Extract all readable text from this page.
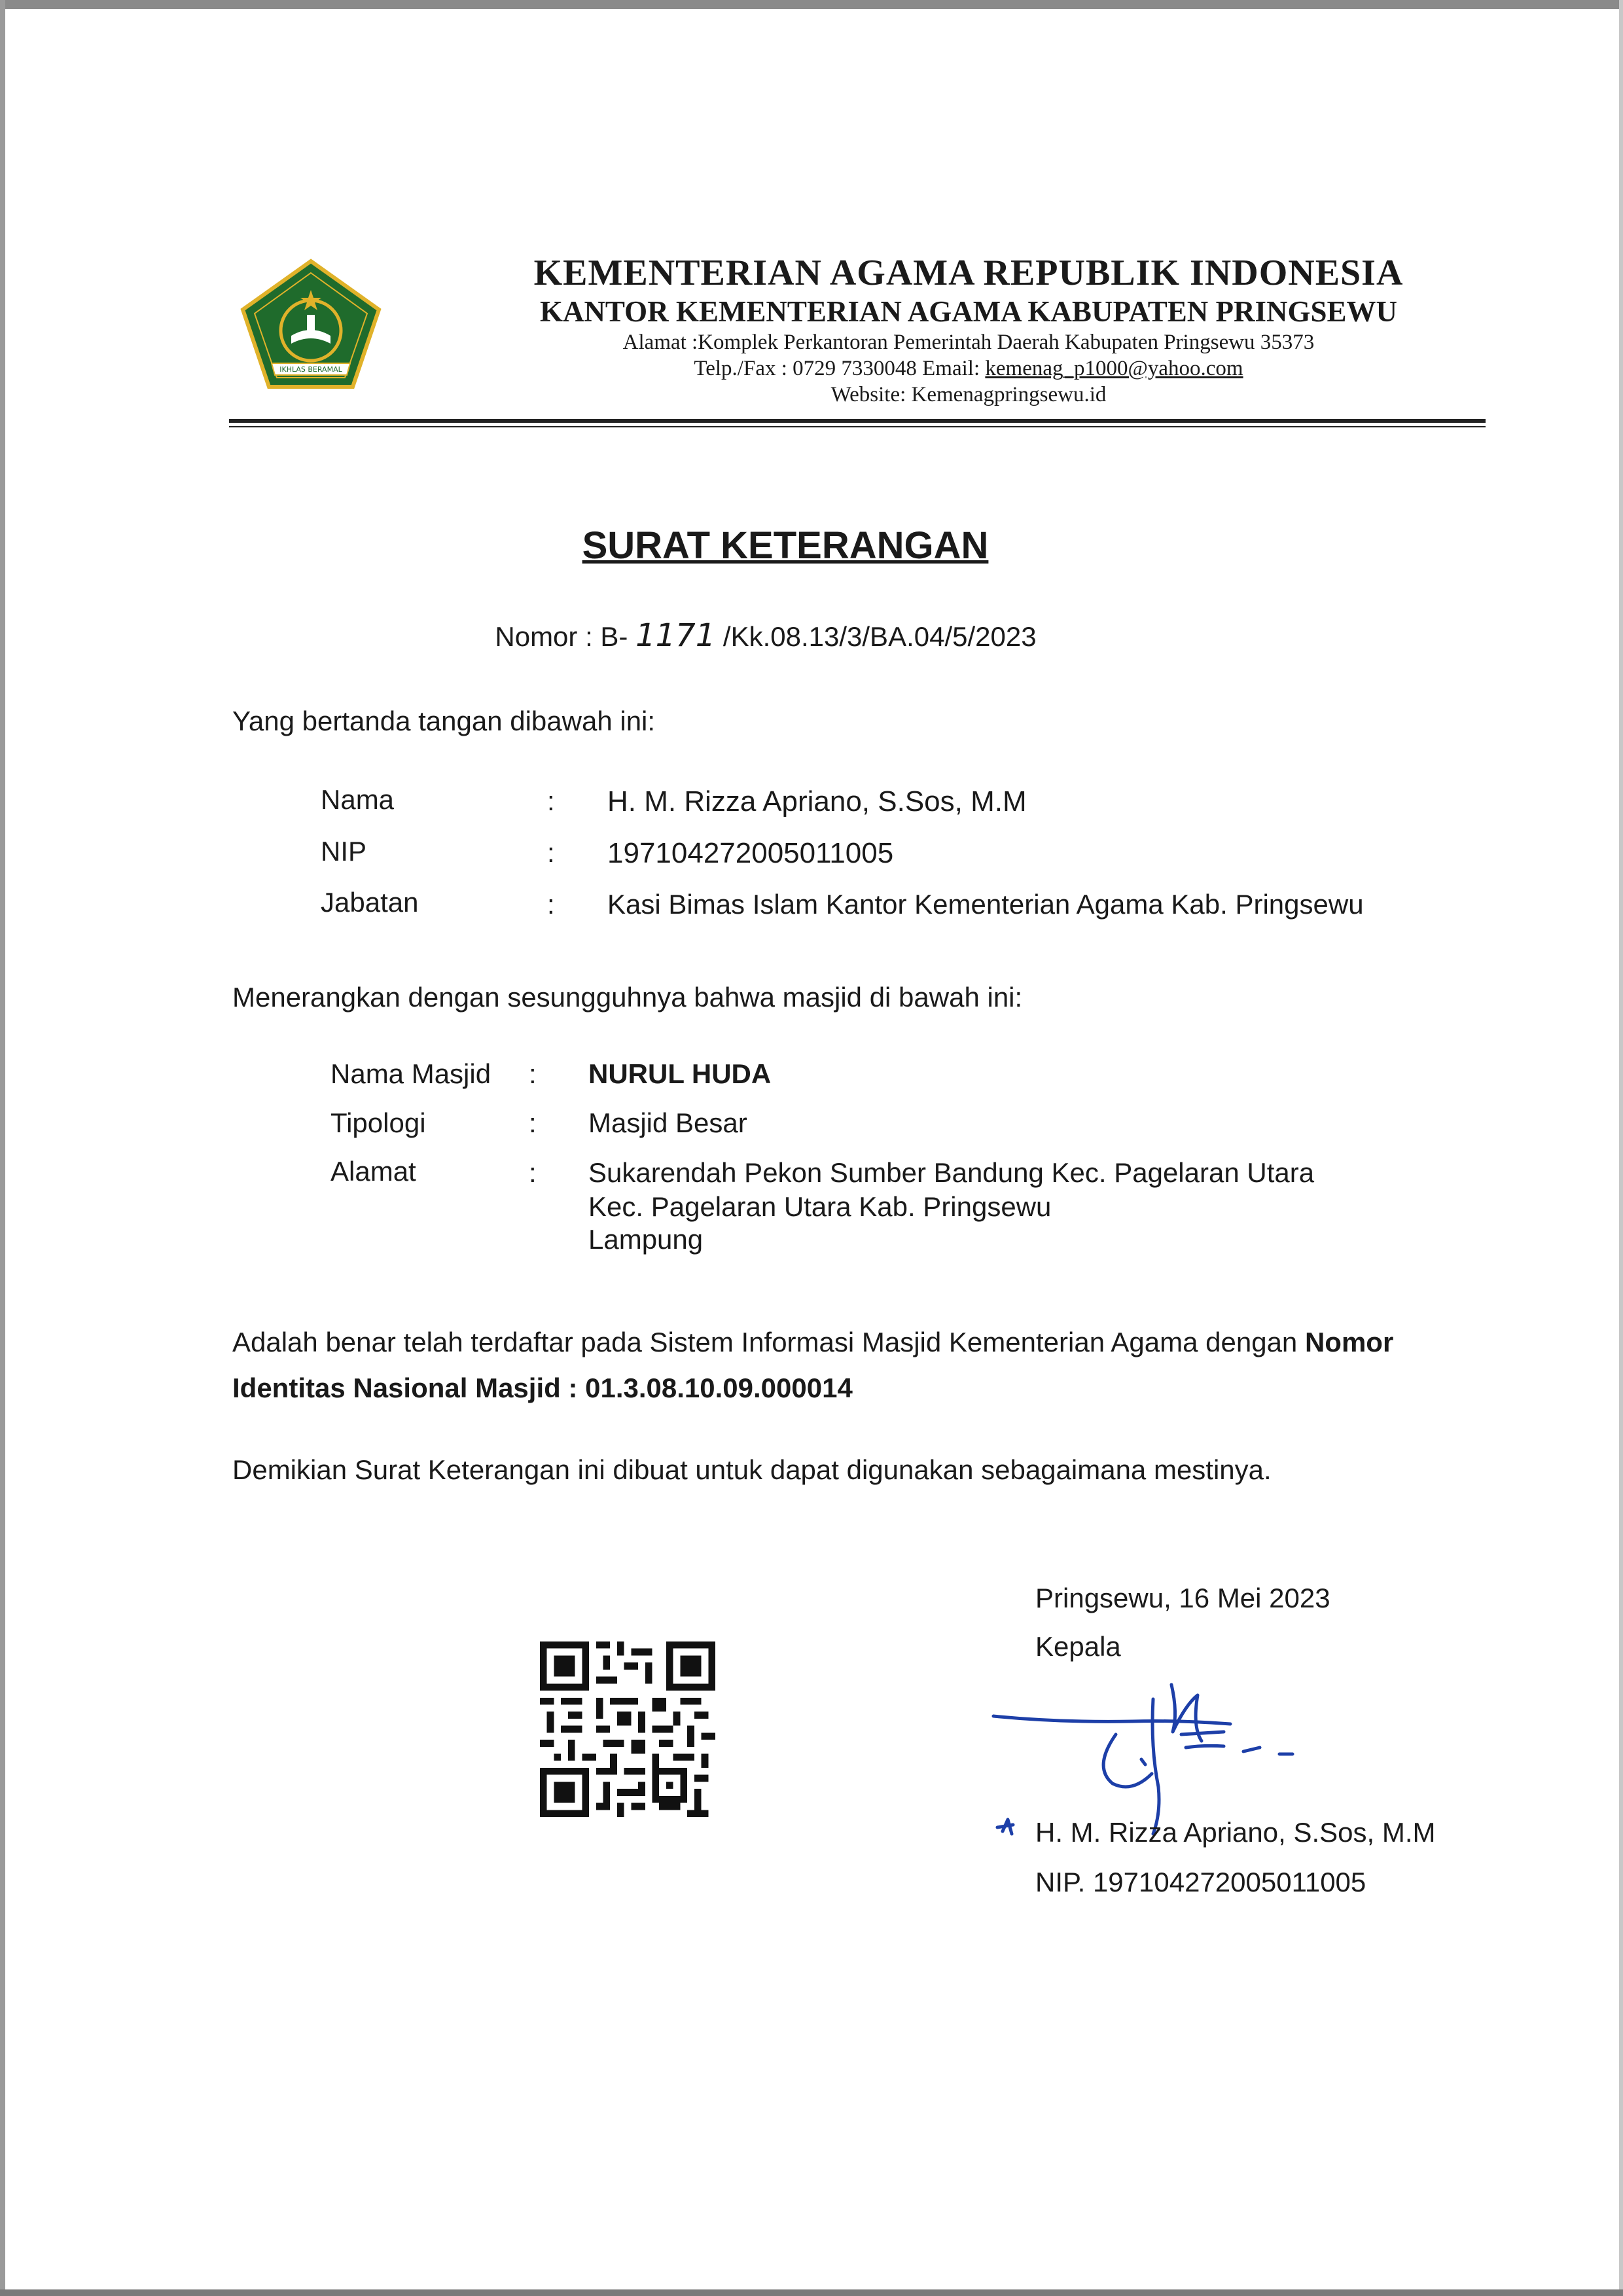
IKHLAS BERAMAL
KEMENTERIAN AGAMA REPUBLIK INDONESIA
KANTOR KEMENTERIAN AGAMA KABUPATEN PRINGSEWU
Alamat :Komplek Perkantoran Pemerintah Daerah Kabupaten Pringsewu 35373
Telp./Fax : 0729 7330048 Email: kemenag_p1000@yahoo.com
Website: Kemenagpringsewu.id
SURAT KETERANGAN
Nomor : B- 1171 /Kk.08.13/3/BA.04/5/2023
Yang bertanda tangan dibawah ini:
Nama	: H. M. Rizza Apriano, S.Sos, M.M
NIP	: 197104272005011005
Jabatan	: Kasi Bimas Islam Kantor Kementerian Agama Kab. Pringsewu
Menerangkan dengan sesungguhnya bahwa masjid di bawah ini:
Nama Masjid : NURUL HUDA
Tipologi	: Masjid Besar
Alamat	: Sukarendah Pekon Sumber Bandung Kec. Pagelaran Utara
Kec. Pagelaran Utara Kab. Pringsewu
Lampung
Adalah benar telah terdaftar pada Sistem Informasi Masjid Kementerian Agama dengan Nomor
Identitas Nasional Masjid : 01.3.08.10.09.000014
Demikian Surat Keterangan ini dibuat untuk dapat digunakan sebagaimana mestinya.
Pringsewu, 16 Mei 2023
Kepala
H. M. Rizza Apriano, S.Sos, M.M
NIP. 197104272005011005
